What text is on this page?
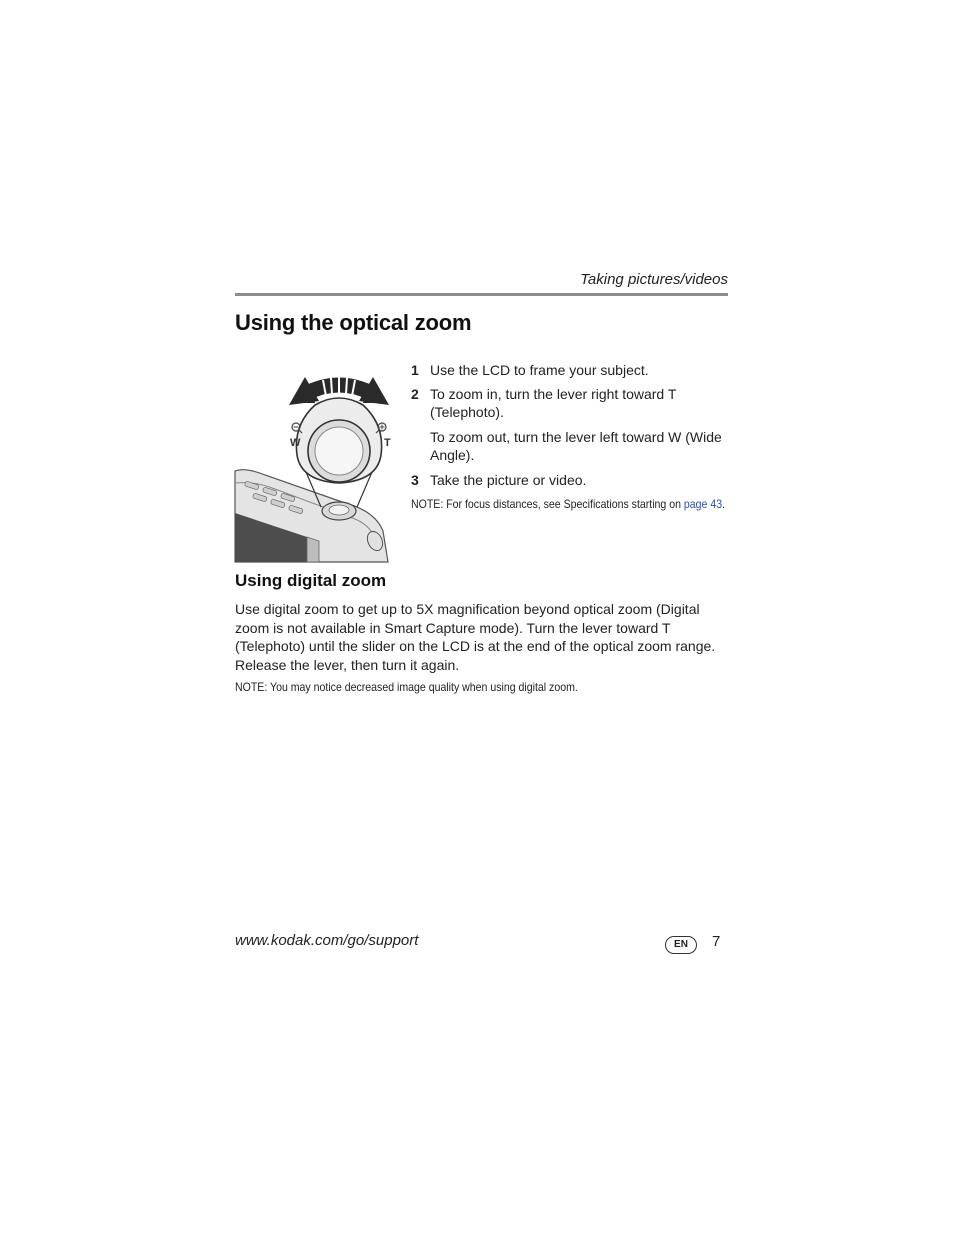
Taking pictures/videos
Using the optical zoom
W	T
1 Use the LCD to frame your subject.
2 To zoom in, turn the lever right toward T (Telephoto).
To zoom out, turn the lever left toward W (Wide Angle).
3 Take the picture or video.
NOTE: For focus distances, see Specifications starting on page 43.
Using digital zoom

Use digital zoom to get up to 5X magnification beyond optical zoom (Digital zoom is not available in Smart Capture mode). Turn the lever toward T (Telephoto) until the slider on the LCD is at the end of the optical zoom range. Release the lever, then turn it again.

NOTE: You may notice decreased image quality when using digital zoom.
www.kodak.com/go/support	EN	7
